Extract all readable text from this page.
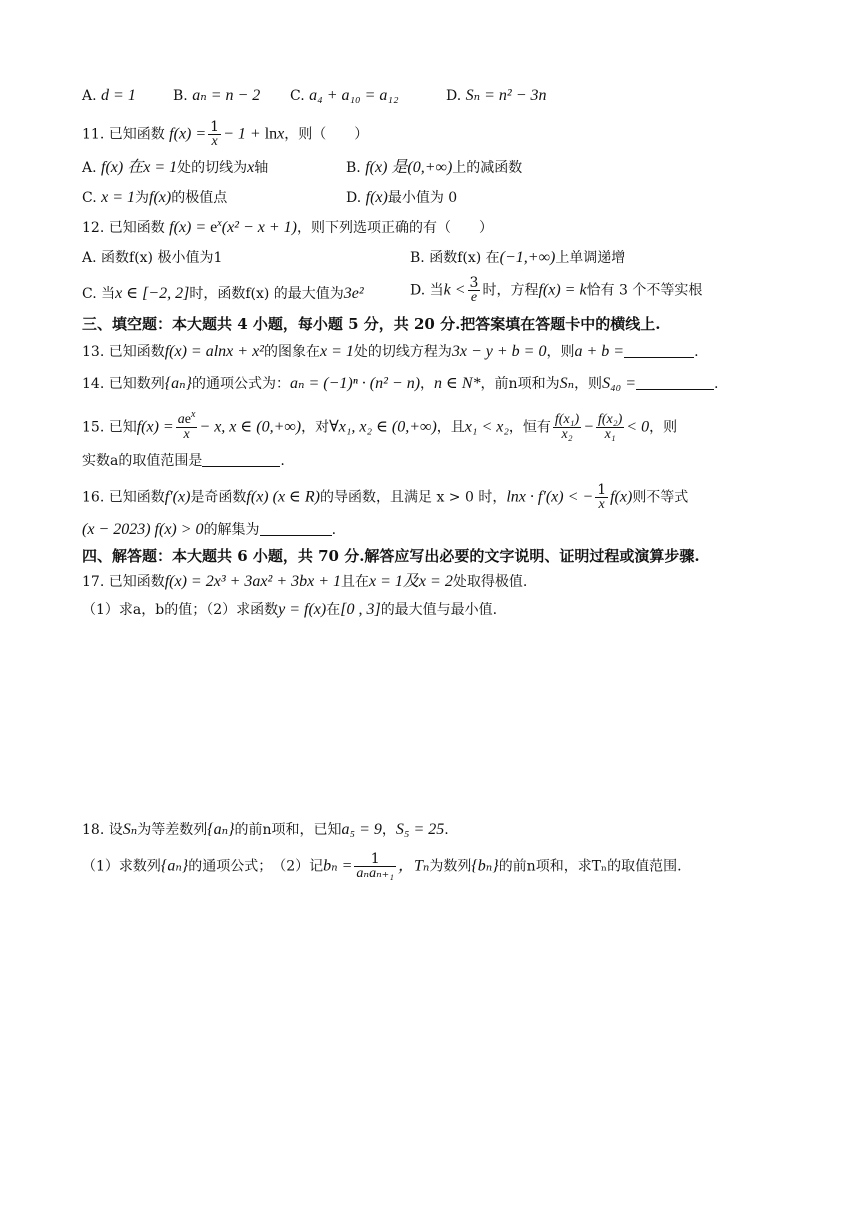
A. d = 1	B. aₙ = n − 2 C. a₄ + a₁₀ = a₁₂	D. Sₙ = n² − 3n
11. 已知函数 $f(x) = \frac{1}{x} - 1 + \ln x$，则（　　）
A. f(x) 在x = 1处的切线为x轴	B. f(x) 是(0,+∞)上的减函数
C. x = 1为f(x)的极值点	D. f(x)最小值为 0
12. 已知函数 $f(x) = e^x(x^2 - x + 1)$，则下列选项正确的有（　　）
A. 函数f(x) 极小值为1	B. 函数f(x) 在(−1,+∞)上单调递增
C. 当x ∈ [−2, 2]时，函数f(x) 的最大值为3e²	D. 当$k < \frac{3}{e}$ 时，方程f(x) = k恰有 3 个不等实根
三、填空题：本大题共 4 小题，每小题 5 分，共 20 分.把答案填在答题卡中的横线上.
13. 已知函数f(x) = alnx + x²的图象在x = 1处的切线方程为3x − y + b = 0，则a + b =	.
14. 已知数列{aₙ}的通项公式为：aₙ = (−1)ⁿ · (n² − n)，n ∈ N*，前n项和为Sₙ，则S₄₀ =	.
15. 已知$f(x) = \frac{ae^x}{x} - x$, x ∈ (0,+∞)，对∀x₁, x₂ ∈ (0,+∞)，且x₁ < x₂，恒有 $\frac{\text{f(x₁)}}{\text{x₂}} - \frac{\text{f(x₂)}}{\text{x₁}} < 0$，则
实数a的取值范围是	.
16. 已知函数f′(x)是奇函数f(x) (x ∈ R)的导函数，且满足 x > 0 时，lnx · f′(x) < − $\frac{1}{x} f(x)$则不等式
(x − 2023) f(x) > 0的解集为	.
四、解答题：本大题共 6 小题，共 70 分.解答应写出必要的文字说明、证明过程或演算步骤.
17. 已知函数f(x) = 2x³ + 3ax² + 3bx + 1且在x = 1及x = 2处取得极值.
（1）求a，b的值；（2）求函数y = f(x)在[0 , 3]的最大值与最小值.
18. 设Sₙ为等差数列{aₙ}的前n项和，已知a₅ = 9，S₅ = 25.
（1）求数列{aₙ}的通项公式；　（2）记$b_n = \frac{1}{\text{aₙaₙ₊₁}}$ ，Tₙ为数列{bₙ}的前n项和，求Tₙ的取值范围.
